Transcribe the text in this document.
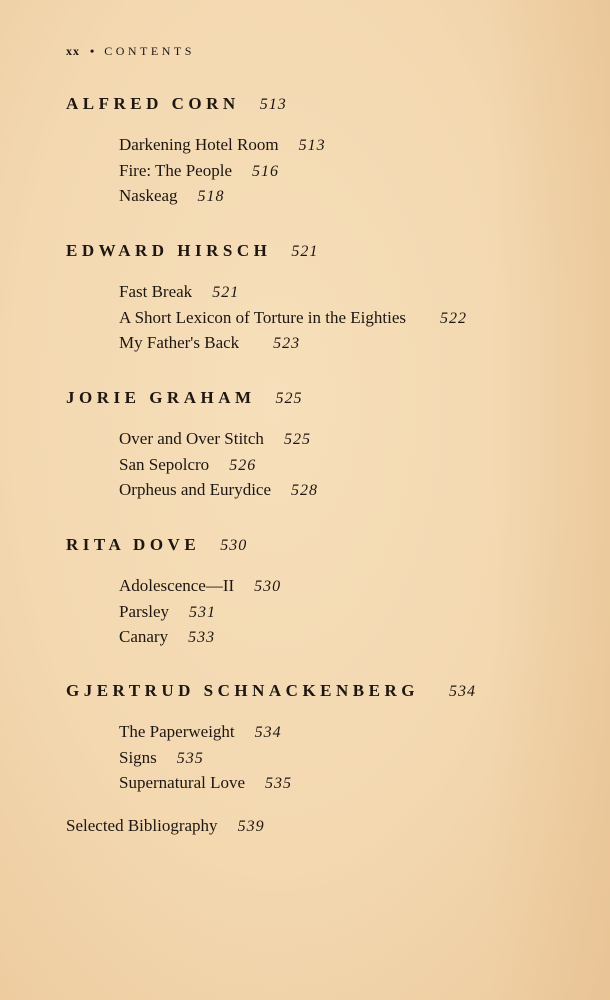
xx • CONTENTS
ALFRED CORN 513
Darkening Hotel Room 513
Fire: The People 516
Naskeag 518
EDWARD HIRSCH 521
Fast Break 521
A Short Lexicon of Torture in the Eighties 522
My Father's Back 523
JORIE GRAHAM 525
Over and Over Stitch 525
San Sepolcro 526
Orpheus and Eurydice 528
RITA DOVE 530
Adolescence—II 530
Parsley 531
Canary 533
GJERTRUD SCHNACKENBERG 534
The Paperweight 534
Signs 535
Supernatural Love 535
Selected Bibliography 539
